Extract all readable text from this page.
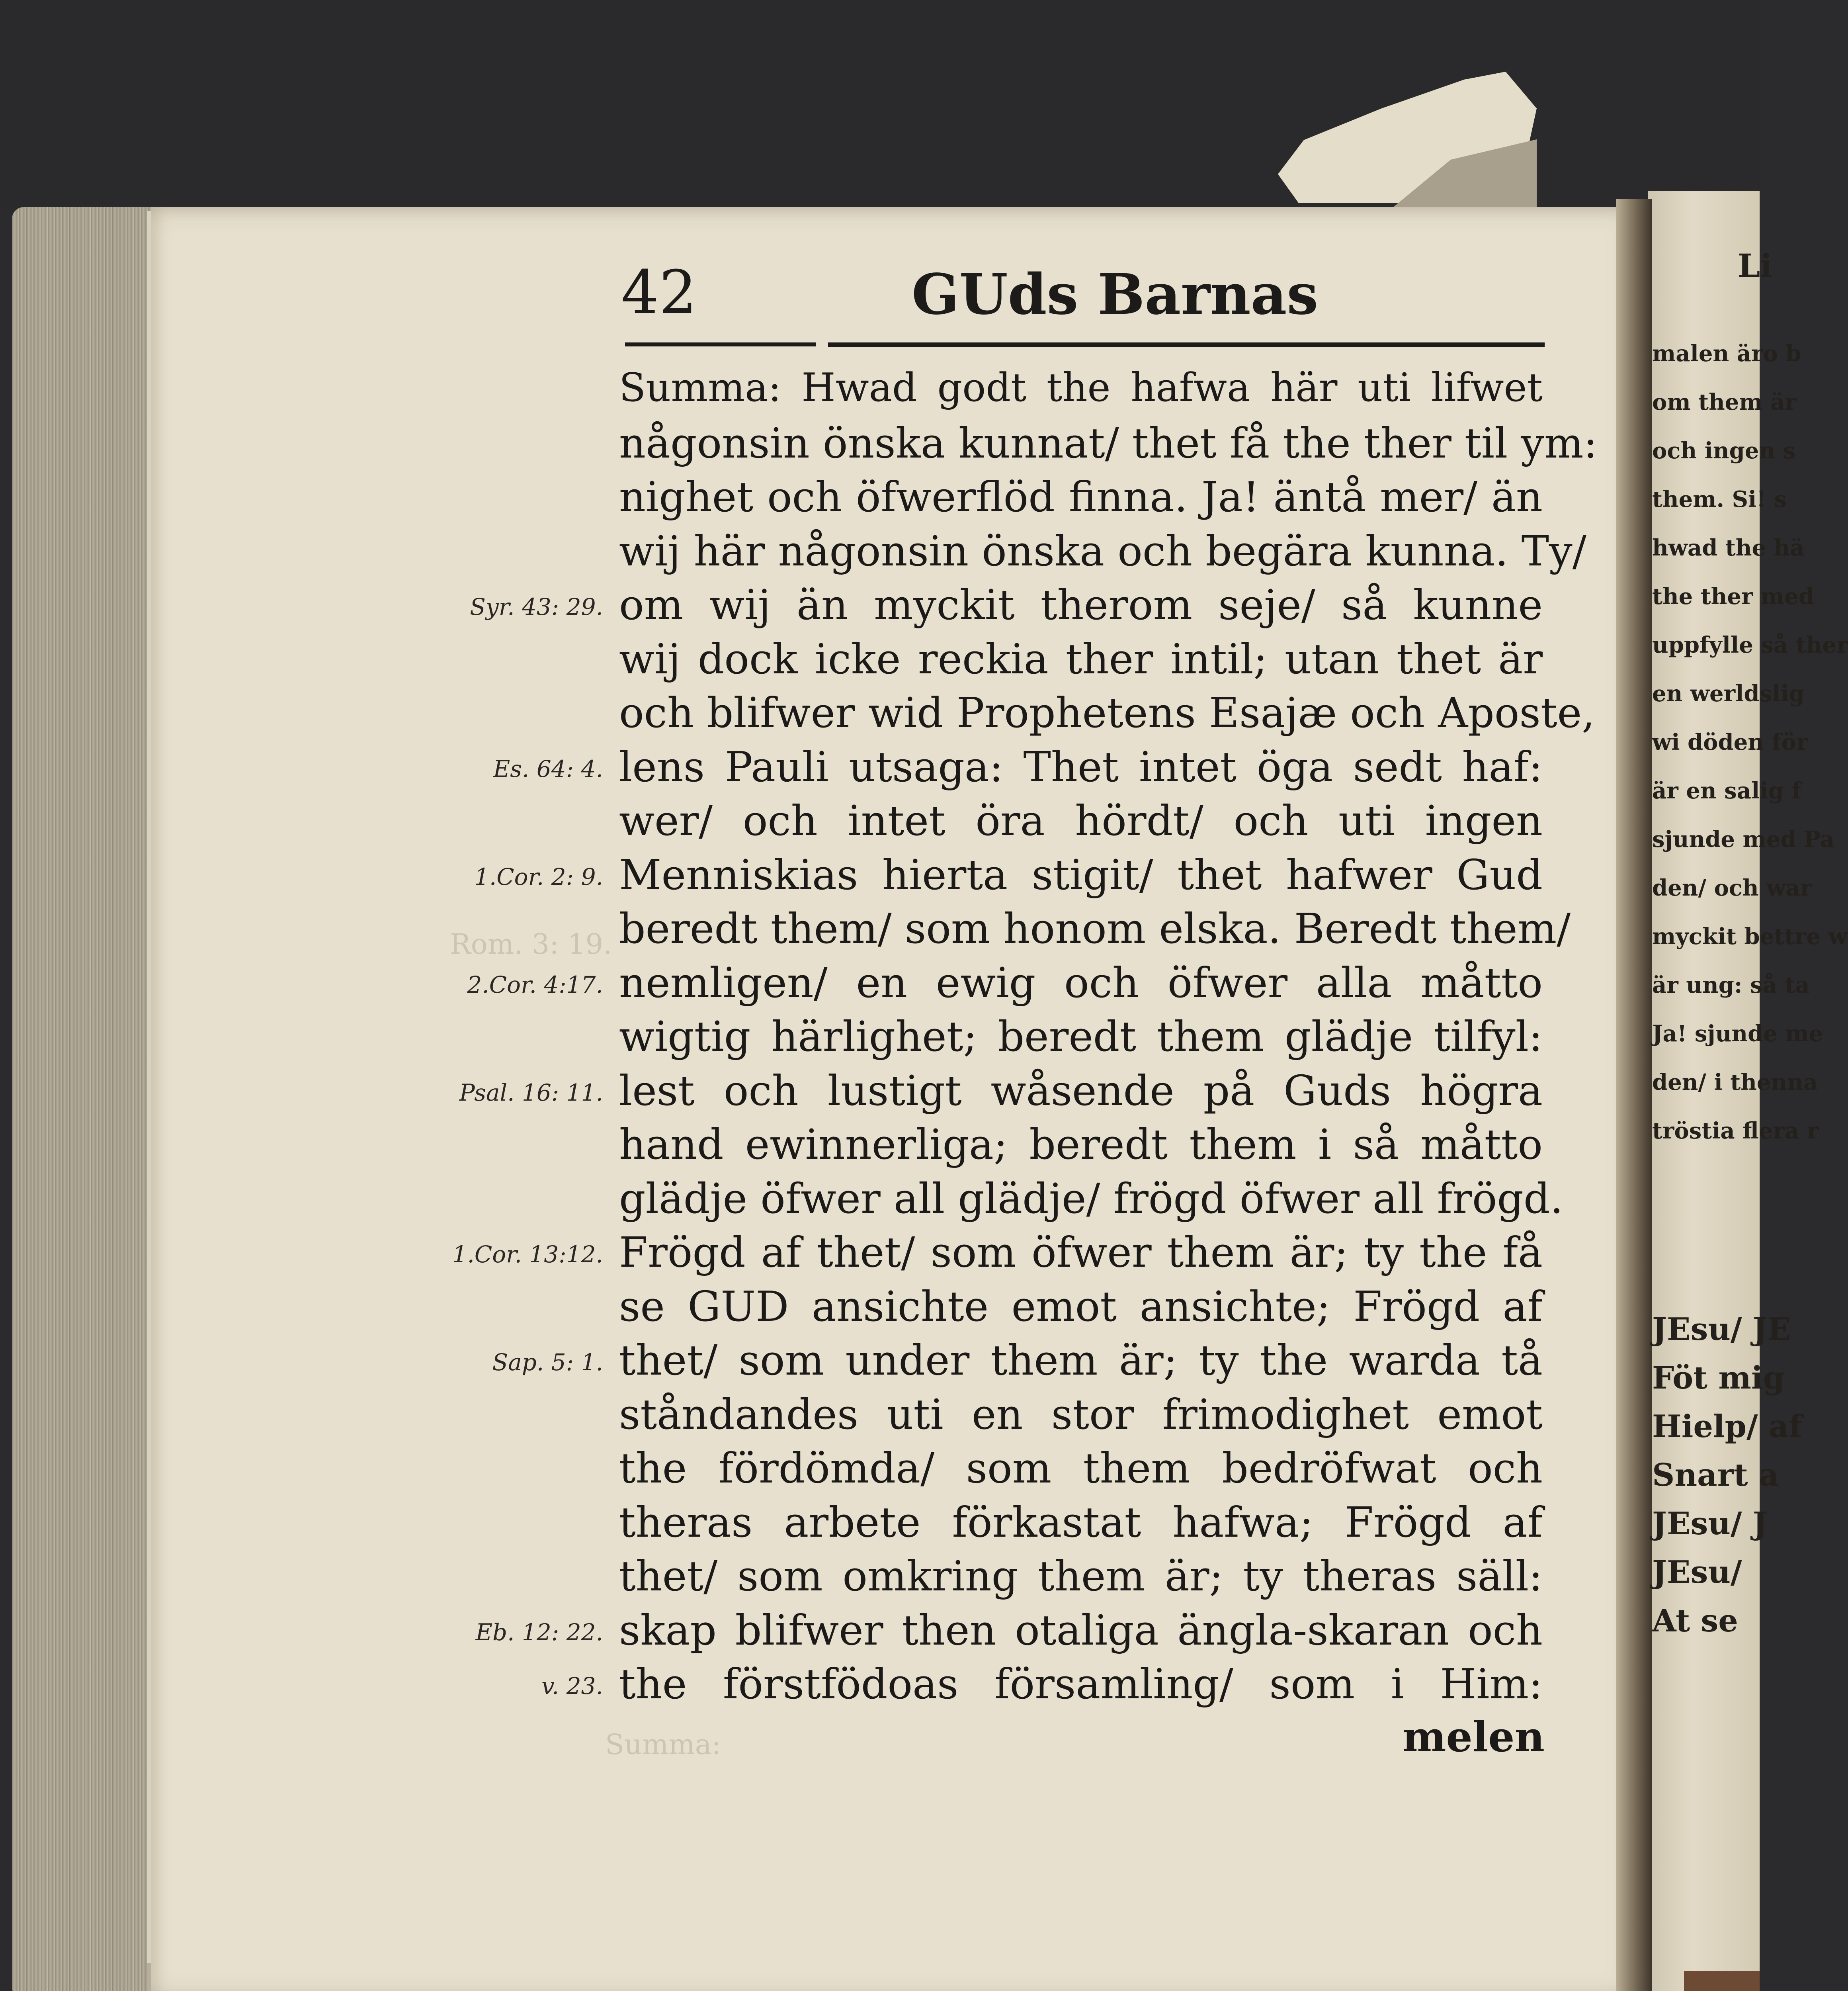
Summa:
Rom. 3: 19.
42	GUds Barnas
Summa: Hwad godt the hafwa här uti lifwet
någonsin önska kunnat/ thet få the ther til ym:
nighet och öfwerflöd finna. Ja! äntå mer/ än
wij här någonsin önska och begära kunna. Ty/
om wij än myckit therom seje/ så kunne
wij dock icke reckia ther intil; utan thet är
och blifwer wid Prophetens Esajæ och Aposte,
lens Pauli utsaga: Thet intet öga sedt haf:
wer/ och intet öra hördt/ och uti ingen
Menniskias hierta stigit/ thet hafwer Gud
beredt them/ som honom elska. Beredt them/
nemligen/ en ewig och öfwer alla måtto
wigtig härlighet; beredt them glädje tilfyl:
lest och lustigt wåsende på Guds högra
hand ewinnerliga; beredt them i så måtto
glädje öfwer all glädje/ frögd öfwer all frögd.
Frögd af thet/ som öfwer them är; ty the få
se GUD ansichte emot ansichte; Frögd af
thet/ som under them är; ty the warda tå
ståndandes uti en stor frimodighet emot
the fördömda/ som them bedröfwat och
theras arbete förkastat hafwa; Frögd af
thet/ som omkring them är; ty theras säll:
skap blifwer then otaliga ängla-skaran och
the förstfödoas församling/ som i Him:
Syr. 43: 29.
Es. 64: 4.
1.Cor. 2: 9.
2.Cor. 4:17.
Psal. 16: 11.
1.Cor. 13:12.
Sap. 5: 1.
Eb. 12: 22.
v. 23.
melen
Li
malen äro b
om them är
och ingen s
them. Si! s
hwad the hä
the ther med
uppfylle så ther
en werldslig
wi döden för
är en salig f
sjunde med Pa
den/ och war
myckit bettre w
är ung: så ta
Ja! sjunde me
den/ i thenna
tröstia flera r
JEsu/ JE
Föt mig
Hielp/ af
Snart a
JEsu/ J
JEsu/
At se
